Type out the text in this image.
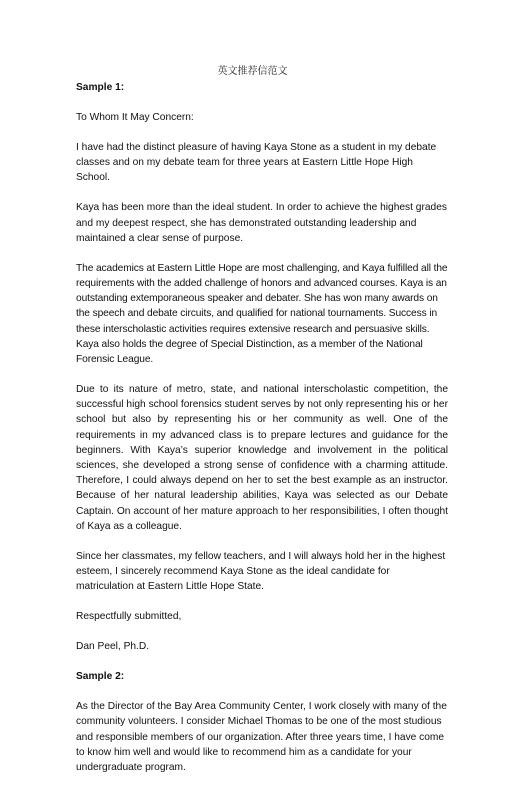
英文推荐信范文

Sample 1:

To Whom It May Concern:

I have had the distinct pleasure of having Kaya Stone as a student in my debate classes and on my debate team for three years at Eastern Little Hope High School.

Kaya has been more than the ideal student. In order to achieve the highest grades and my deepest respect, she has demonstrated outstanding leadership and maintained a clear sense of purpose.

The academics at Eastern Little Hope are most challenging, and Kaya fulfilled all the requirements with the added challenge of honors and advanced courses. Kaya is an outstanding extemporaneous speaker and debater. She has won many awards on the speech and debate circuits, and qualified for national tournaments. Success in these interscholastic activities requires extensive research and persuasive skills. Kaya also holds the degree of Special Distinction, as a member of the National Forensic League.

Due to its nature of metro, state, and national interscholastic competition, the successful high school forensics student serves by not only representing his or her school but also by representing his or her community as well. One of the requirements in my advanced class is to prepare lectures and guidance for the beginners. With Kaya’s superior knowledge and involvement in the political sciences, she developed a strong sense of confidence with a charming attitude. Therefore, I could always depend on her to set the best example as an instructor. Because of her natural leadership abilities, Kaya was selected as our Debate Captain. On account of her mature approach to her responsibilities, I often thought of Kaya as a colleague.

Since her classmates, my fellow teachers, and I will always hold her in the highest esteem, I sincerely recommend Kaya Stone as the ideal candidate for matriculation at Eastern Little Hope State.

Respectfully submitted,

Dan Peel, Ph.D.

Sample 2:

As the Director of the Bay Area Community Center, I work closely with many of the community volunteers. I consider Michael Thomas to be one of the most studious and responsible members of our organization. After three years time, I have come to know him well and would like to recommend him as a candidate for your undergraduate program.
